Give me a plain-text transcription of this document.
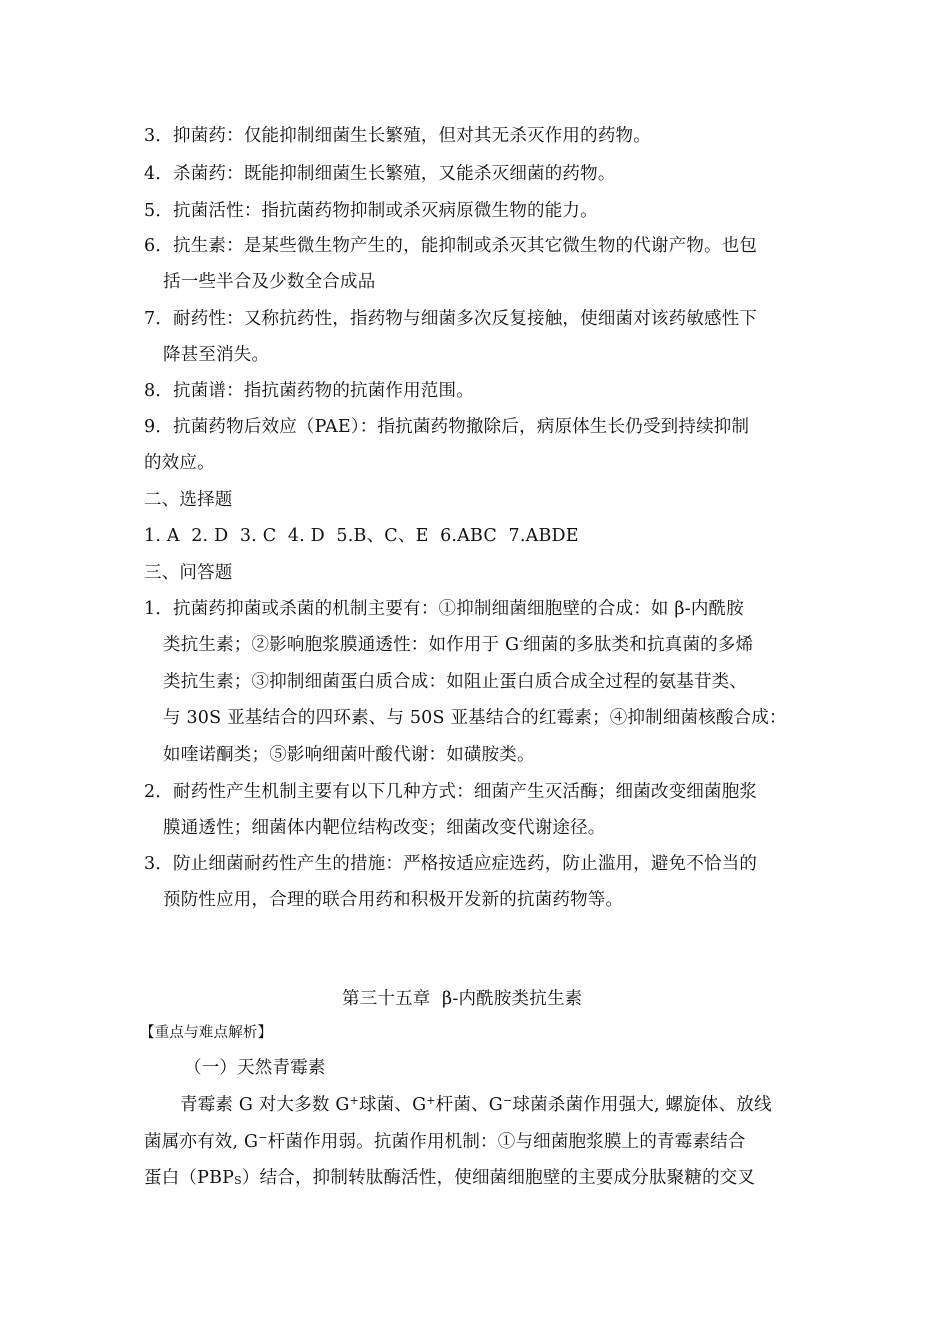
3．抑菌药：仅能抑制细菌生长繁殖，但对其无杀灭作用的药物。
4．杀菌药：既能抑制细菌生长繁殖，又能杀灭细菌的药物。
5．抗菌活性：指抗菌药物抑制或杀灭病原微生物的能力。
6．抗生素：是某些微生物产生的，能抑制或杀灭其它微生物的代谢产物。也包
括一些半合及少数全合成品
7．耐药性：又称抗药性，指药物与细菌多次反复接触，使细菌对该药敏感性下
降甚至消失。
8．抗菌谱：指抗菌药物的抗菌作用范围。
9．抗菌药物后效应（PAE）：指抗菌药物撤除后，病原体生长仍受到持续抑制
的效应。
二、选择题
1. A  2. D  3. C  4. D  5.B、C、E  6.ABC  7.ABDE
三、问答题
1．抗菌药抑菌或杀菌的机制主要有：①抑制细菌细胞壁的合成：如 β-内酰胺
类抗生素；②影响胞浆膜通透性：如作用于 G-细菌的多肽类和抗真菌的多烯
类抗生素；③抑制细菌蛋白质合成：如阻止蛋白质合成全过程的氨基苷类、
与 30S 亚基结合的四环素、与 50S 亚基结合的红霉素；④抑制细菌核酸合成：
如喹诺酮类；⑤影响细菌叶酸代谢：如磺胺类。
2．耐药性产生机制主要有以下几种方式：细菌产生灭活酶；细菌改变细菌胞浆
膜通透性；细菌体内靶位结构改变；细菌改变代谢途径。
3．防止细菌耐药性产生的措施：严格按适应症选药，防止滥用，避免不恰当的
预防性应用，合理的联合用药和积极开发新的抗菌药物等。
第三十五章  β-内酰胺类抗生素
【重点与难点解析】
（一）天然青霉素
青霉素 G 对大多数 G+球菌、G+杆菌、G−球菌杀菌作用强大, 螺旋体、放线
菌属亦有效, G−杆菌作用弱。抗菌作用机制：①与细菌胞浆膜上的青霉素结合
蛋白$(PBP_S)$结合，抑制转肽酶活性，使细菌细胞壁的主要成分肽聚糖的交叉
